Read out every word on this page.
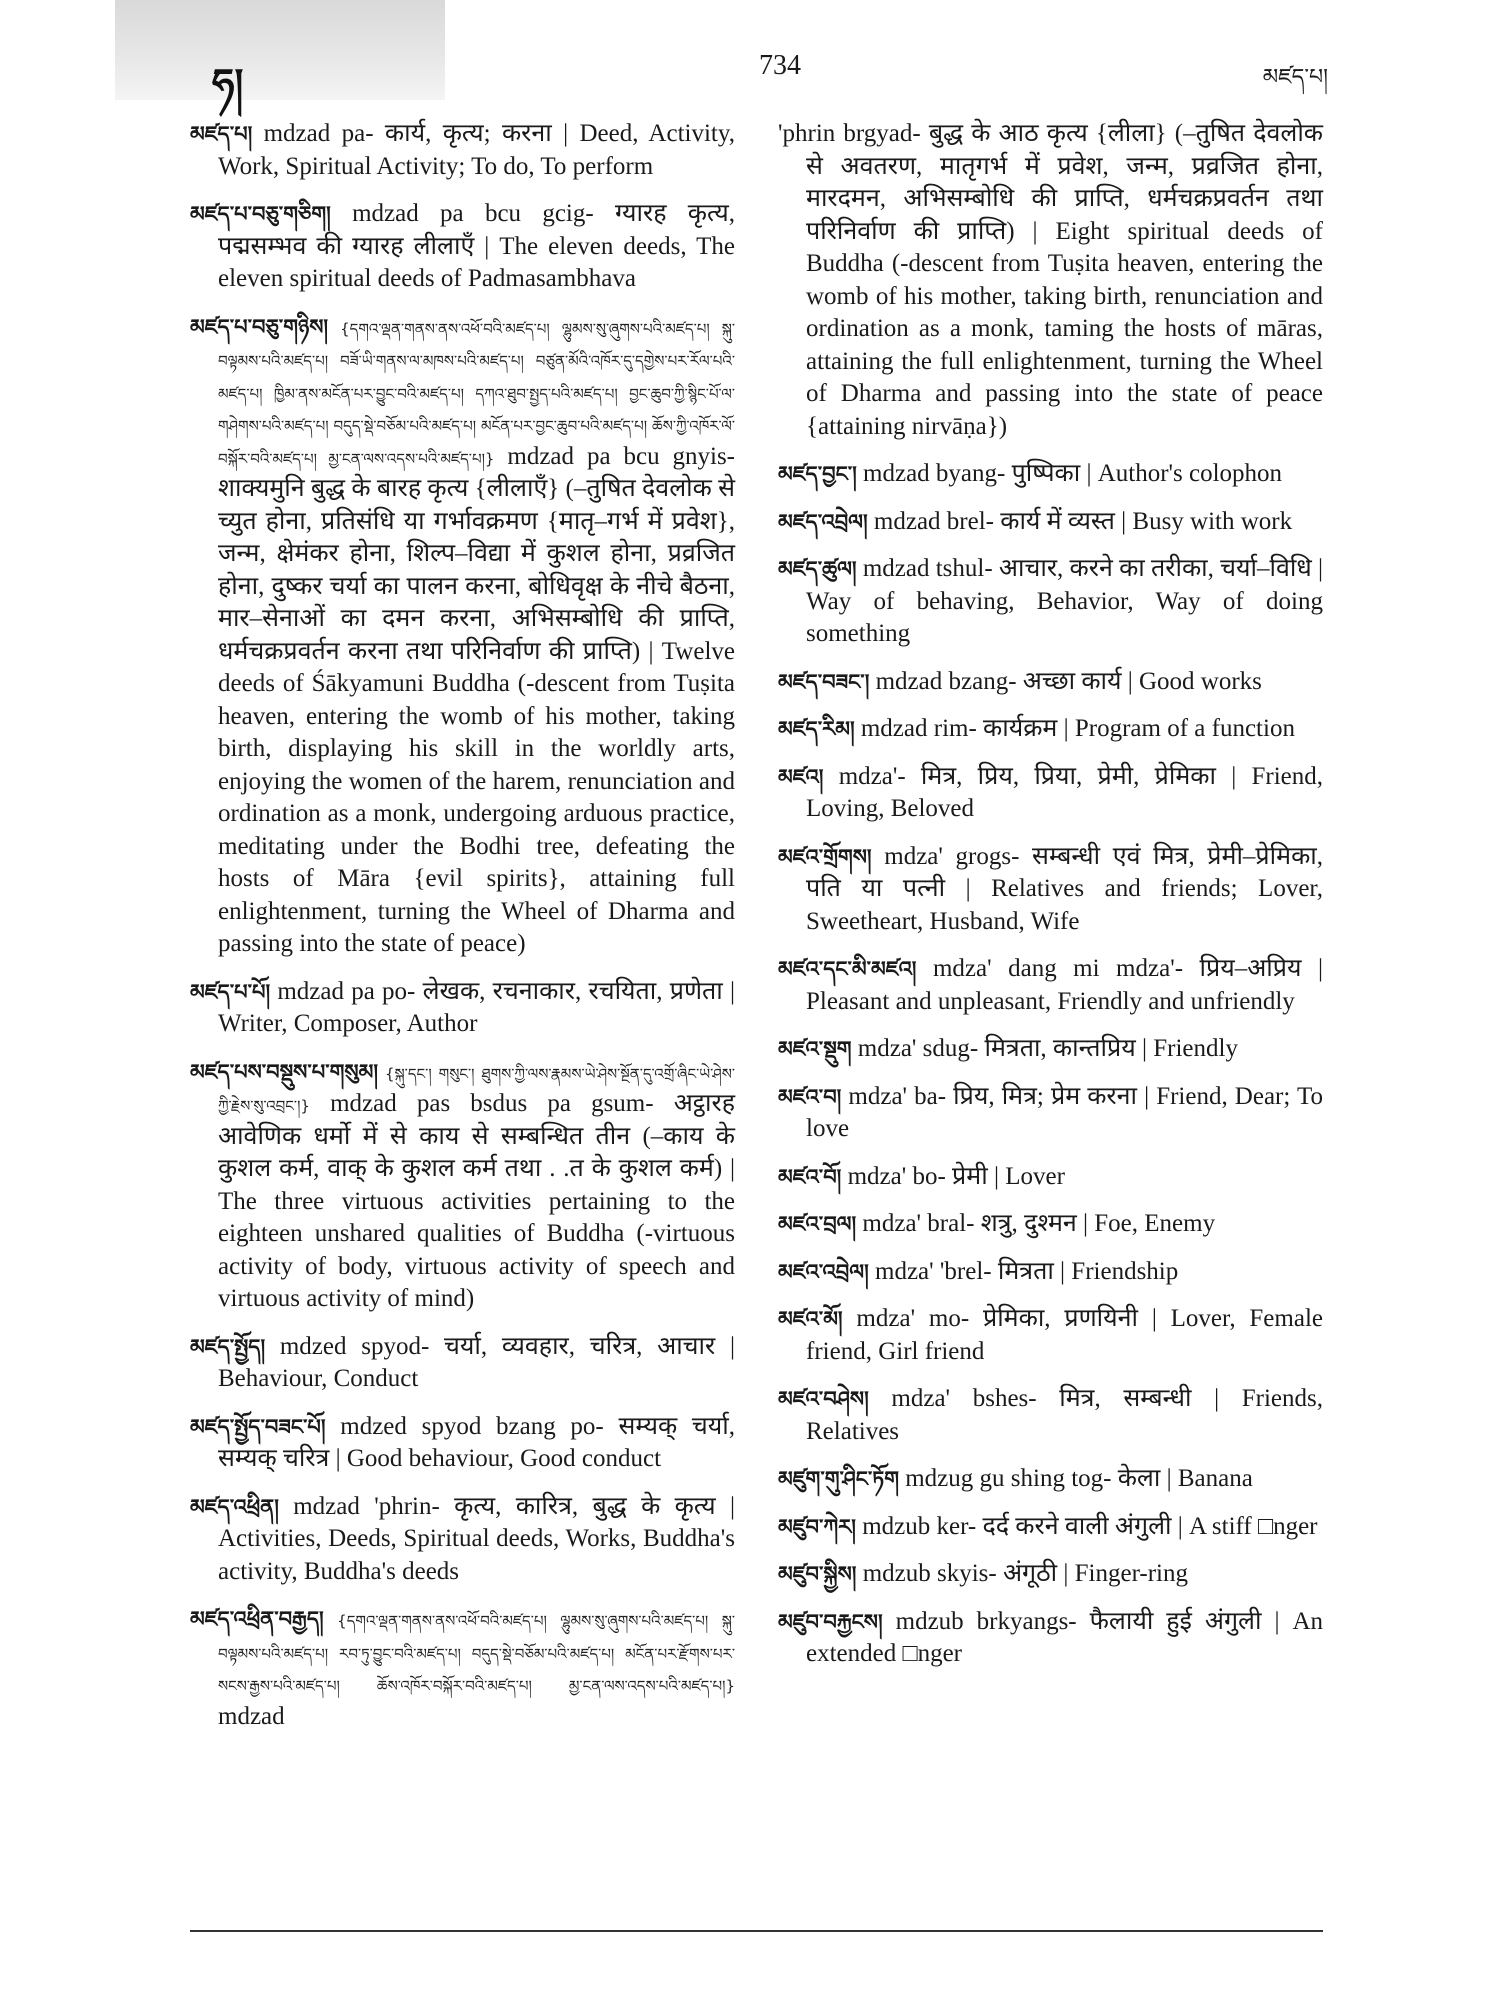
ཧ།	734	མཛད་པ།

མཛད་པ། mdzad pa- कार्य, कृत्य; करना | Deed, Activity, Work, Spiritual Activity; To do, To perform

མཛད་པ་བཅུ་གཅིག། mdzad pa bcu gcig- ग्यारह कृत्य, पद्मसम्भव की ग्यारह लीलाएँ | The eleven deeds, The eleven spiritual deeds of Padmasambhava

མཛད་པ་བཅུ་གཉིས། {དགའ་ལྡན་གནས་ནས་འཕོ་བའི་མཛད་པ། ལྷུམས་སུ་ཞུགས་པའི་མཛད་པ། སྐུ་བལྟམས་པའི་མཛད་པ། བཟོ་ཡི་གནས་ལ་མཁས་པའི་མཛད་པ། བཙུན་མོའི་འཁོར་དུ་དགྱེས་པར་རོལ་པའི་མཛད་པ། ཁྱིམ་ནས་མངོན་པར་བྱུང་བའི་མཛད་པ། དཀའ་ཐུབ་སྤྱད་པའི་མཛད་པ། བྱང་ཆུབ་ཀྱི་སྙིང་པོ་ལ་གཤེགས་པའི་མཛད་པ། བདུད་སྡེ་བཅོམ་པའི་མཛད་པ། མངོན་པར་བྱང་ཆུབ་པའི་མཛད་པ། ཆོས་ཀྱི་འཁོར་ལོ་བསྐོར་བའི་མཛད་པ། མྱ་ངན་ལས་འདས་པའི་མཛད་པ།} mdzad pa bcu gnyis- शाक्यमुनि बुद्ध के बारह कृत्य {लीलाएँ} (–तुषित देवलोक से च्युत होना, प्रतिसंधि या गर्भावक्रमण {मातृ–गर्भ में प्रवेश}, जन्म, क्षेमंकर होना, शिल्प–विद्या में कुशल होना, प्रव्रजित होना, दुष्कर चर्या का पालन करना, बोधिवृक्ष के नीचे बैठना, मार–सेनाओं का दमन करना, अभिसम्बोधि की प्राप्ति, धर्मचक्रप्रवर्तन करना तथा परिनिर्वाण की प्राप्ति) | Twelve deeds of Śākyamuni Buddha (-descent from Tuṣita heaven, entering the womb of his mother, taking birth, displaying his skill in the worldly arts, enjoying the women of the harem, renunciation and ordination as a monk, undergoing arduous practice, meditating under the Bodhi tree, defeating the hosts of Māra {evil spirits}, attaining full enlightenment, turning the Wheel of Dharma and passing into the state of peace)

མཛད་པ་པོ། mdzad pa po- लेखक, रचनाकार, रचयिता, प्रणेता | Writer, Composer, Author

མཛད་པས་བསྡུས་པ་གསུམ། {སྐུ་དང་། གསུང་། ཐུགས་ཀྱི་ལས་རྣམས་ཡེ་ཤེས་སྔོན་དུ་འགྲོ་ཞིང་ཡེ་ཤེས་ཀྱི་རྗེས་སུ་འབྲང་།} mdzad pas bsdus pa gsum- अट्ठारह आवेणिक धर्मो में से काय से सम्बन्धित तीन (–काय के कुशल कर्म, वाक् के कुशल कर्म तथा . .त के कुशल कर्म) | The three virtuous activities pertaining to the eighteen unshared qualities of Buddha (-virtuous activity of body, virtuous activity of speech and virtuous activity of mind)

མཛད་སྤྱོད། mdzed spyod- चर्या, व्यवहार, चरित्र, आचार | Behaviour, Conduct

མཛད་སྤྱོད་བཟང་པོ། mdzed spyod bzang po- सम्यक् चर्या, सम्यक् चरित्र | Good behaviour, Good conduct

མཛད་འཕྲིན། mdzad 'phrin- कृत्य, कारित्र, बुद्ध के कृत्य | Activities, Deeds, Spiritual deeds, Works, Buddha's activity, Buddha's deeds

མཛད་འཕྲིན་བརྒྱད། {དགའ་ལྡན་གནས་ནས་འཕོ་བའི་མཛད་པ། ལྷུམས་སུ་ཞུགས་པའི་མཛད་པ། སྐུ་བལྟམས་པའི་མཛད་པ། རབ་ཏུ་བྱུང་བའི་མཛད་པ། བདུད་སྡེ་བཅོམ་པའི་མཛད་པ། མངོན་པར་རྫོགས་པར་སངས་རྒྱས་པའི་མཛད་པ། ཆོས་འཁོར་བསྐོར་བའི་མཛད་པ། མྱ་ངན་ལས་འདས་པའི་མཛད་པ།} mdzad

'phrin brgyad- बुद्ध के आठ कृत्य {लीला} (–तुषित देवलोक से अवतरण, मातृगर्भ में प्रवेश, जन्म, प्रव्रजित होना, मारदमन, अभिसम्बोधि की प्राप्ति, धर्मचक्रप्रवर्तन तथा परिनिर्वाण की प्राप्ति) | Eight spiritual deeds of Buddha (-descent from Tuṣita heaven, entering the womb of his mother, taking birth, renunciation and ordination as a monk, taming the hosts of māras, attaining the full enlightenment, turning the Wheel of Dharma and passing into the state of peace {attaining nirvāṇa})

མཛད་བྱང་། mdzad byang- पुष्पिका | Author's colophon

མཛད་འབྲེལ། mdzad brel- कार्य में व्यस्त | Busy with work

མཛད་ཚུལ། mdzad tshul- आचार, करने का तरीका, चर्या–विधि | Way of behaving, Behavior, Way of doing something

མཛད་བཟང་། mdzad bzang- अच्छा कार्य | Good works

མཛད་རིམ། mdzad rim- कार्यक्रम | Program of a function

མཛའ། mdza'- मित्र, प्रिय, प्रिया, प्रेमी, प्रेमिका | Friend, Loving, Beloved

མཛའ་གྲོགས། mdza' grogs- सम्बन्धी एवं मित्र, प्रेमी–प्रेमिका, पति या पत्नी | Relatives and friends; Lover, Sweetheart, Husband, Wife

མཛའ་དང་མི་མཛའ། mdza' dang mi mdza'- प्रिय–अप्रिय | Pleasant and unpleasant, Friendly and unfriendly

མཛའ་སྡུག mdza' sdug- मित्रता, कान्तप्रिय | Friendly

མཛའ་བ། mdza' ba- प्रिय, मित्र; प्रेम करना | Friend, Dear; To love

མཛའ་བོ། mdza' bo- प्रेमी | Lover

མཛའ་བྲལ། mdza' bral- शत्रु, दुश्मन | Foe, Enemy

མཛའ་འབྲེལ། mdza' 'brel- मित्रता | Friendship

མཛའ་མོ། mdza' mo- प्रेमिका, प्रणयिनी | Lover, Female friend, Girl friend

མཛའ་བཤེས། mdza' bshes- मित्र, सम्बन्धी | Friends, Relatives

མཛུག་གུ་ཤིང་ཏོག mdzug gu shing tog- केला | Banana

མཛུབ་ཀེར། mdzub ker- दर्द करने वाली अंगुली | A stiff □nger

མཛུབ་སྐྱིས། mdzub skyis- अंगूठी | Finger-ring

མཛུབ་བརྐྱངས། mdzub brkyangs- फैलायी हुई अंगुली | An extended □nger
